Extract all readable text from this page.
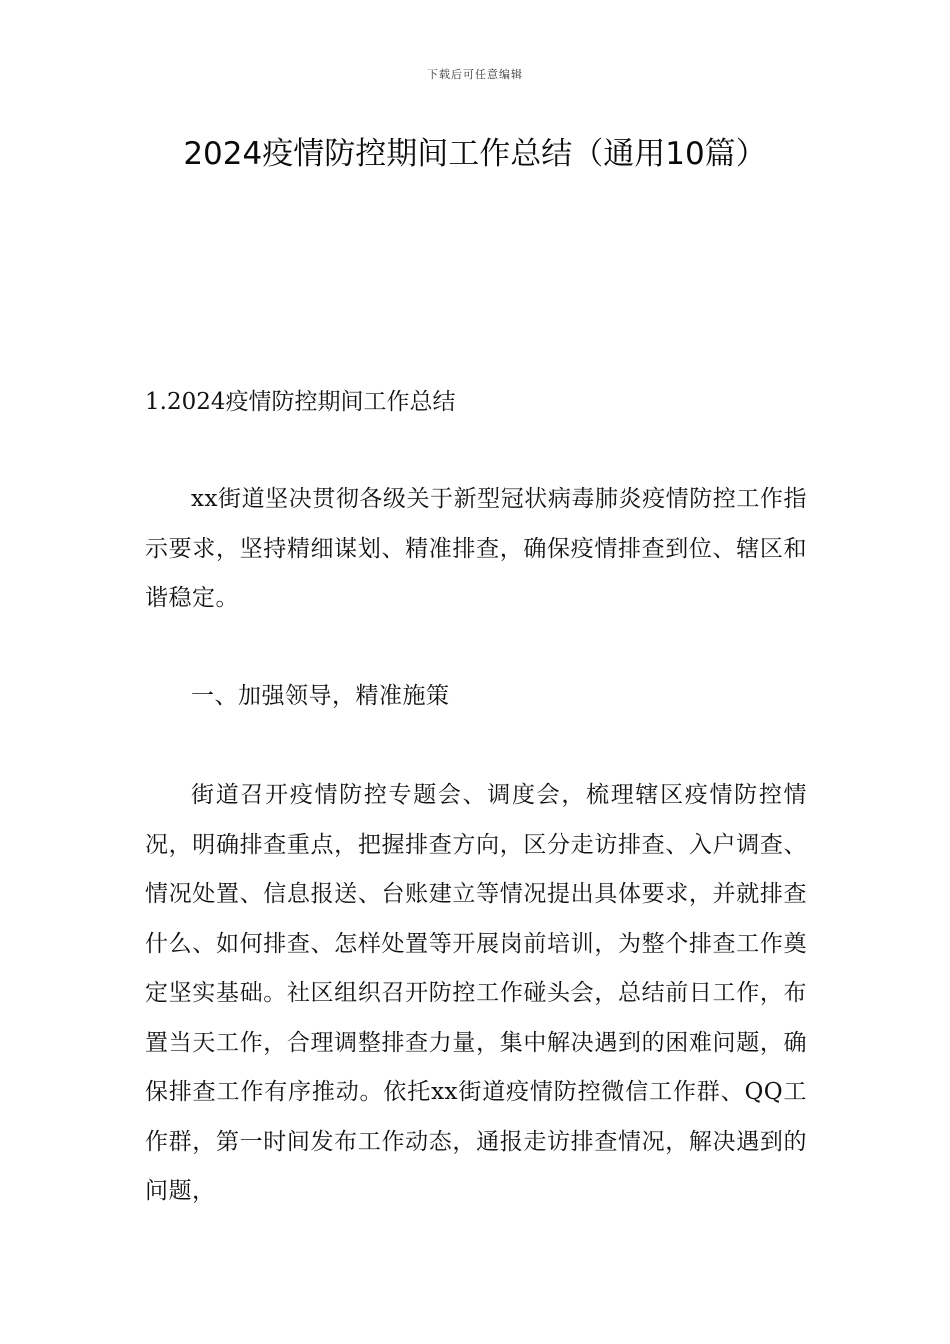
下载后可任意编辑
2024疫情防控期间工作总结（通用10篇）
1.2024疫情防控期间工作总结

xx街道坚决贯彻各级关于新型冠状病毒肺炎疫情防控工作指示要求，坚持精细谋划、精准排查，确保疫情排查到位、辖区和谐稳定。

一、加强领导，精准施策

街道召开疫情防控专题会、调度会，梳理辖区疫情防控情况，明确排查重点，把握排查方向，区分走访排查、入户调查、情况处置、信息报送、台账建立等情况提出具体要求，并就排查什么、如何排查、怎样处置等开展岗前培训，为整个排查工作奠定坚实基础。社区组织召开防控工作碰头会，总结前日工作，布置当天工作，合理调整排查力量，集中解决遇到的困难问题，确保排查工作有序推动。依托xx街道疫情防控微信工作群、QQ工作群，第一时间发布工作动态，通报走访排查情况，解决遇到的问题，
